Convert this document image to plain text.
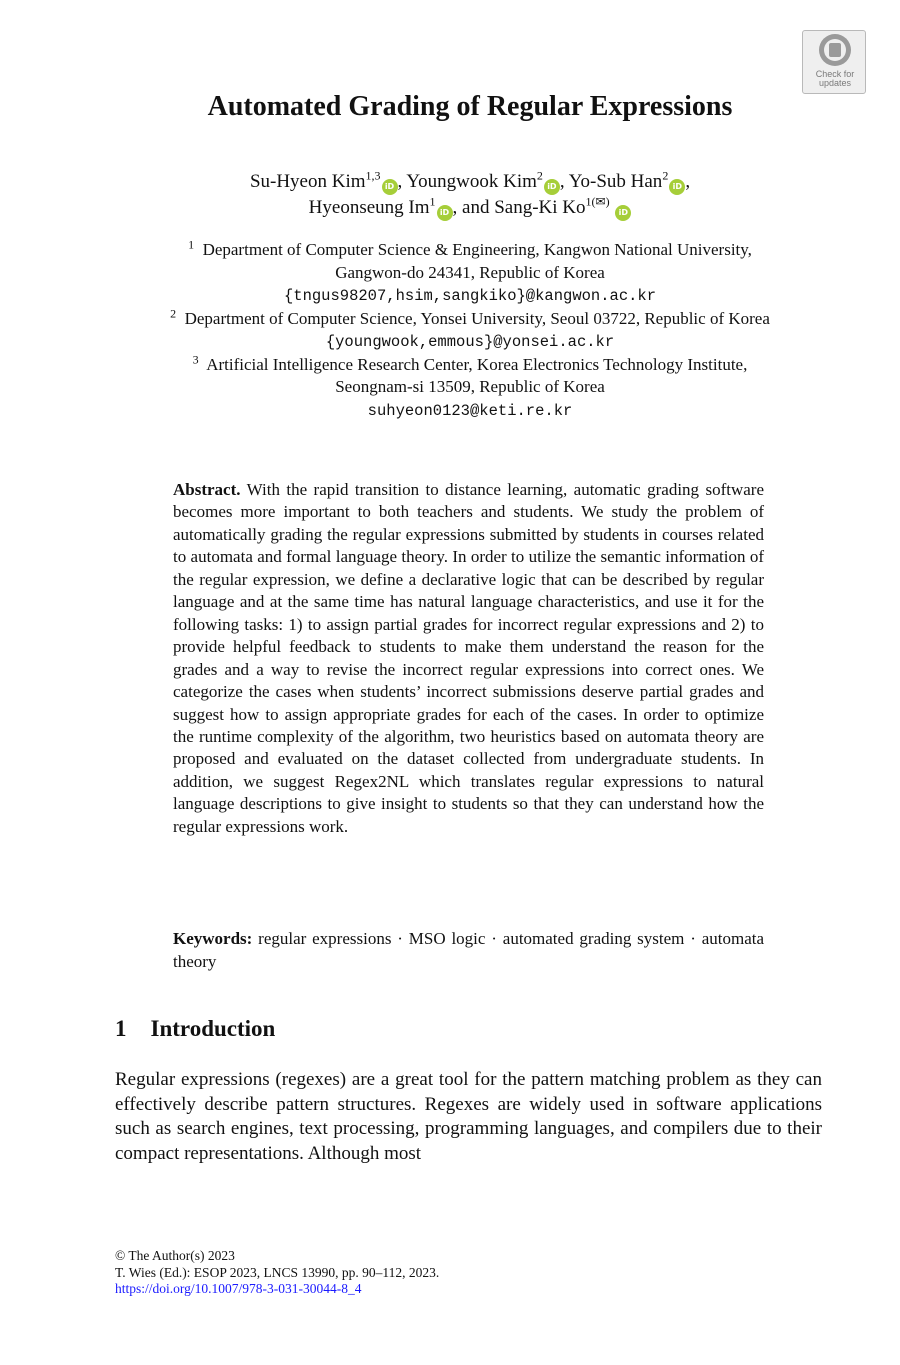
Check for
updates
Automated Grading of Regular Expressions
Su-Hyeon Kim$^{1,3}$iD , Youngwook Kim$^2$iD , Yo-Sub Han$^2$iD ,
Hyeonseung Im$^1$iD , and Sang-Ki $Ko^{1(✉)}$ iD
$^1$ Department of Computer Science & Engineering, Kangwon National University,
Gangwon-do 24341, Republic of Korea
{tngus98207,hsim,sangkiko}@kangwon.ac.kr
$^2$ Department of Computer Science, Yonsei University, Seoul 03722, Republic of Korea
{youngwook,emmous}@yonsei.ac.kr
$^3$ Artificial Intelligence Research Center, Korea Electronics Technology Institute,
Seongnam-si 13509, Republic of Korea
suhyeon0123@keti.re.kr
Abstract. With the rapid transition to distance learning, automatic grading software becomes more important to both teachers and students. We study the problem of automatically grading the regular expressions submitted by students in courses related to automata and formal language theory. In order to utilize the semantic information of the regular expression, we define a declarative logic that can be described by regular language and at the same time has natural language characteristics, and use it for the following tasks: 1) to assign partial grades for incorrect regular expressions and 2) to provide helpful feedback to students to make them understand the reason for the grades and a way to revise the incorrect regular expressions into correct ones. We categorize the cases when students’ incorrect submissions deserve partial grades and suggest how to assign appropriate grades for each of the cases. In order to optimize the runtime complexity of the algorithm, two heuristics based on automata theory are proposed and evaluated on the dataset collected from undergraduate students. In addition, we suggest Regex2NL which translates regular expressions to natural language descriptions to give insight to students so that they can understand how the regular expressions work.
Keywords: regular expressions · MSO logic · automated grading system · automata theory
1 Introduction
Regular expressions (regexes) are a great tool for the pattern matching problem as they can effectively describe pattern structures. Regexes are widely used in software applications such as search engines, text processing, programming languages, and compilers due to their compact representations. Although most
© The Author(s) 2023
T. Wies (Ed.): ESOP 2023, LNCS 13990, pp. 90–112, 2023.
https://doi.org/10.1007/978-3-031-30044-8_4
